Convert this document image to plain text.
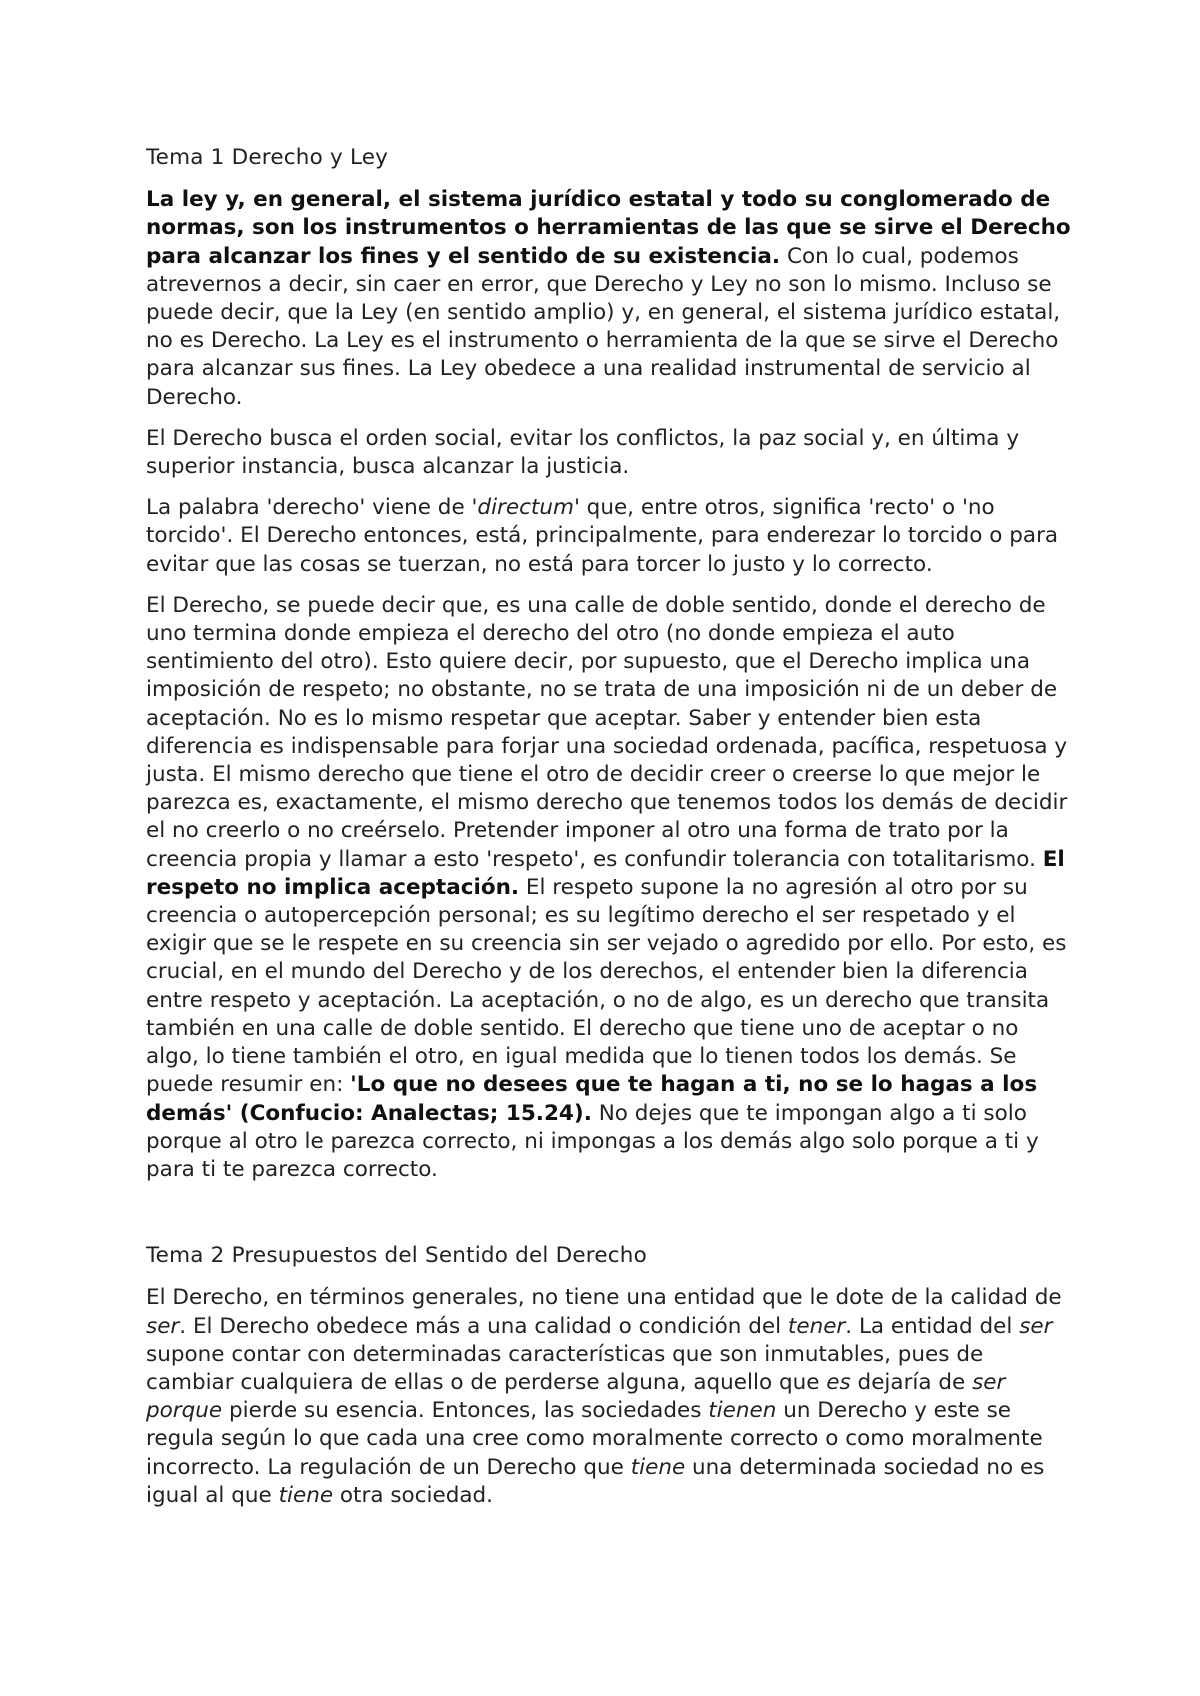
Tema 1 Derecho y Ley

La ley y, en general, el sistema jurídico estatal y todo su conglomerado de normas, son los instrumentos o herramientas de las que se sirve el Derecho para alcanzar los fines y el sentido de su existencia. Con lo cual, podemos atrevernos a decir, sin caer en error, que Derecho y Ley no son lo mismo. Incluso se puede decir, que la Ley (en sentido amplio) y, en general, el sistema jurídico estatal, no es Derecho. La Ley es el instrumento o herramienta de la que se sirve el Derecho para alcanzar sus fines. La Ley obedece a una realidad instrumental de servicio al Derecho.

El Derecho busca el orden social, evitar los conflictos, la paz social y, en última y superior instancia, busca alcanzar la justicia.

La palabra 'derecho' viene de 'directum' que, entre otros, significa 'recto' o 'no torcido'. El Derecho entonces, está, principalmente, para enderezar lo torcido o para evitar que las cosas se tuerzan, no está para torcer lo justo y lo correcto.

El Derecho, se puede decir que, es una calle de doble sentido, donde el derecho de uno termina donde empieza el derecho del otro (no donde empieza el auto sentimiento del otro). Esto quiere decir, por supuesto, que el Derecho implica una imposición de respeto; no obstante, no se trata de una imposición ni de un deber de aceptación. No es lo mismo respetar que aceptar. Saber y entender bien esta diferencia es indispensable para forjar una sociedad ordenada, pacífica, respetuosa y justa. El mismo derecho que tiene el otro de decidir creer o creerse lo que mejor le parezca es, exactamente, el mismo derecho que tenemos todos los demás de decidir el no creerlo o no creérselo. Pretender imponer al otro una forma de trato por la creencia propia y llamar a esto 'respeto', es confundir tolerancia con totalitarismo. El respeto no implica aceptación. El respeto supone la no agresión al otro por su creencia o autopercepción personal; es su legítimo derecho el ser respetado y el exigir que se le respete en su creencia sin ser vejado o agredido por ello. Por esto, es crucial, en el mundo del Derecho y de los derechos, el entender bien la diferencia entre respeto y aceptación. La aceptación, o no de algo, es un derecho que transita también en una calle de doble sentido. El derecho que tiene uno de aceptar o no algo, lo tiene también el otro, en igual medida que lo tienen todos los demás. Se puede resumir en: 'Lo que no desees que te hagan a ti, no se lo hagas a los demás' (Confucio: Analectas; 15.24). No dejes que te impongan algo a ti solo porque al otro le parezca correcto, ni impongas a los demás algo solo porque a ti y para ti te parezca correcto.

Tema 2 Presupuestos del Sentido del Derecho

El Derecho, en términos generales, no tiene una entidad que le dote de la calidad de ser. El Derecho obedece más a una calidad o condición del tener. La entidad del ser supone contar con determinadas características que son inmutables, pues de cambiar cualquiera de ellas o de perderse alguna, aquello que es dejaría de ser porque pierde su esencia. Entonces, las sociedades tienen un Derecho y este se regula según lo que cada una cree como moralmente correcto o como moralmente incorrecto. La regulación de un Derecho que tiene una determinada sociedad no es igual al que tiene otra sociedad.
